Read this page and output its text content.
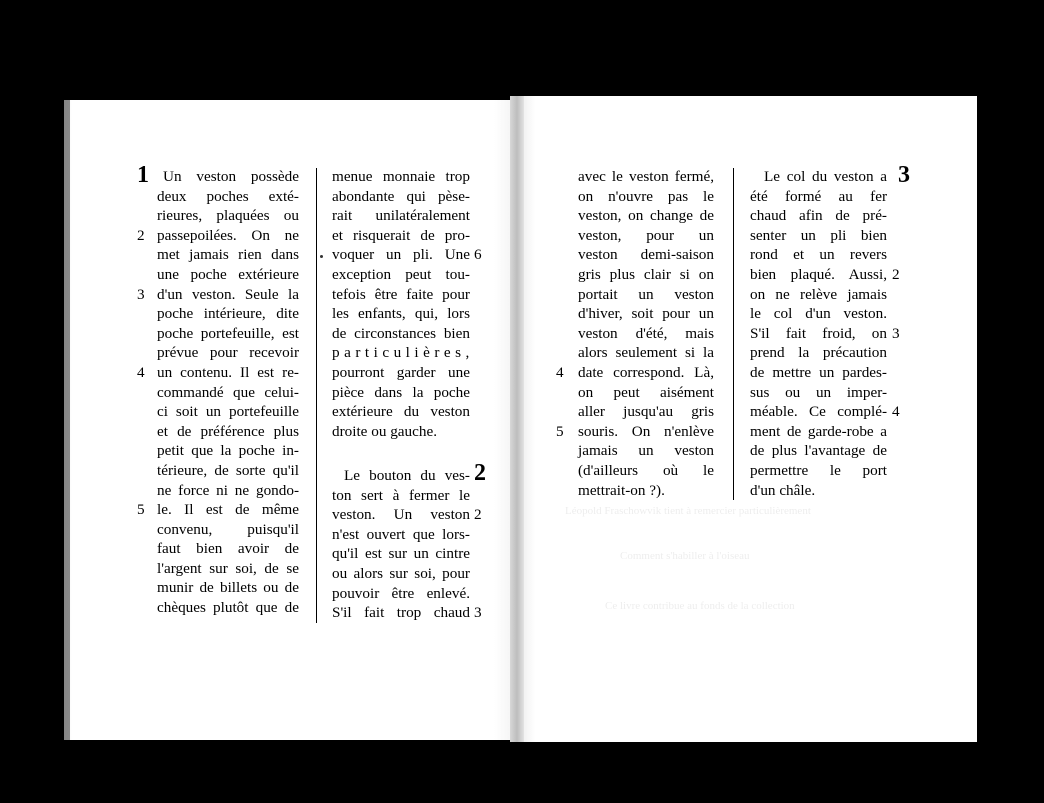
Léopold Fraschowvik tient à remercier particulièrement
Comment s'habiller à l'oiseau
Ce livre contribue au fonds de la collection
1 Un veston possède
deux poches exté-
rieures, plaquées ou
passepoilées. On ne
met jamais rien dans
une poche extérieure
d'un veston. Seule la
poche intérieure, dite
poche portefeuille, est
prévue pour recevoir
un contenu. Il est re-
commandé que celui-
ci soit un portefeuille
et de préférence plus
petit que la poche in-
térieure, de sorte qu'il
ne force ni ne gondo-
le. Il est de même
convenu, puisqu'il
faut bien avoir de
l'argent sur soi, de se
munir de billets ou de
chèques plutôt que de
2
3
4
5
menue monnaie trop
abondante qui pèse-
rait unilatéralement
et risquerait de pro-
voquer un pli. Une
exception peut tou-
tefois être faite pour
les enfants, qui, lors
de circonstances bien
particulières,
pourront garder une
pièce dans la poche
extérieure du veston
droite ou gauche.
6
2
Le bouton du ves-
ton sert à fermer le
veston. Un veston
n'est ouvert que lors-
qu'il est sur un cintre
ou alors sur soi, pour
pouvoir être enlevé.
S'il fait trop chaud
2
3
avec le veston fermé,
on n'ouvre pas le
veston, on change de
veston, pour un
veston demi-saison
gris plus clair si on
portait un veston
d'hiver, soit pour un
veston d'été, mais
alors seulement si la
date correspond. Là,
on peut aisément
aller jusqu'au gris
souris. On n'enlève
jamais un veston
(d'ailleurs où le
mettrait-on ?).
4
5
Le col du veston a
été formé au fer
chaud afin de pré-
senter un pli bien
rond et un revers
bien plaqué. Aussi,
on ne relève jamais
le col d'un veston.
S'il fait froid, on
prend la précaution
de mettre un pardes-
sus ou un imper-
méable. Ce complé-
ment de garde-robe a
de plus l'avantage de
permettre le port
d'un châle.
2
3
4
3
